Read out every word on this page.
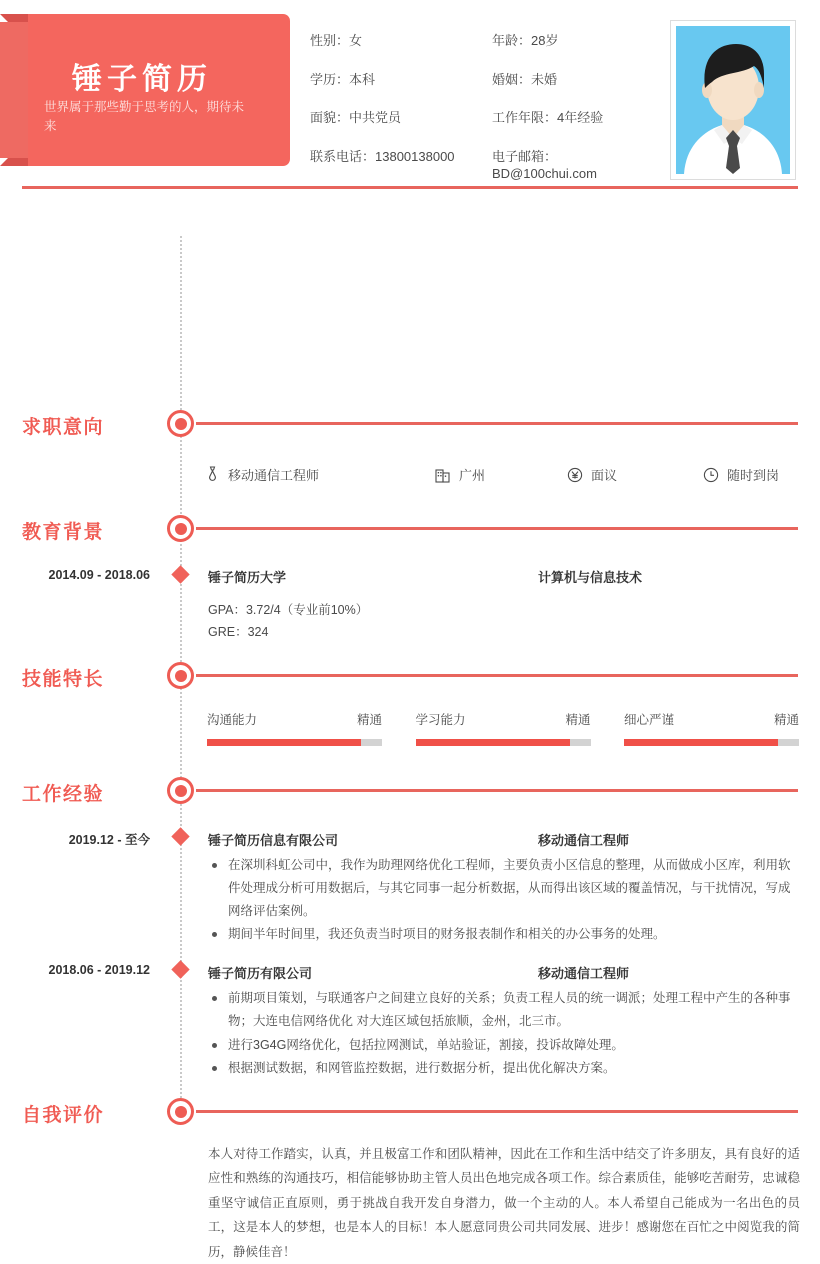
锤子简历
世界属于那些勤于思考的人，期待未来
性别：女	年龄：28岁
学历：本科	婚姻：未婚
面貌：中共党员	工作年限：4年经验
联系电话：13800138000	电子邮箱：BD@100chui.com
求职意向
移动通信工程师	广州	面议	随时到岗
教育背景
2014.09 - 2018.06	锤子简历大学	计算机与信息技术
GPA：3.72/4（专业前10%）
GRE：324
技能特长
沟通能力	精通	学习能力	精通	细心严谨	精通
工作经验
2019.12 - 至今	锤子简历信息有限公司	移动通信工程师
在深圳科虹公司中，我作为助理网络优化工程师，主要负责小区信息的整理，从而做成小区库，利用软件处理成分析可用数据后，与其它同事一起分析数据，从而得出该区域的覆盖情况，与干扰情况，写成网络评估案例。
期间半年时间里，我还负责当时项目的财务报表制作和相关的办公事务的处理。
2018.06 - 2019.12	锤子简历有限公司	移动通信工程师
前期项目策划，与联通客户之间建立良好的关系；负责工程人员的统一调派；处理工程中产生的各种事物；大连电信网络优化 对大连区域包括旅顺，金州，北三市。
进行3G4G网络优化，包括拉网测试，单站验证，割接，投诉故障处理。
根据测试数据，和网管监控数据，进行数据分析，提出优化解决方案。
自我评价
本人对待工作踏实，认真，并且极富工作和团队精神，因此在工作和生活中结交了许多朋友，具有良好的适应性和熟练的沟通技巧，相信能够协助主管人员出色地完成各项工作。综合素质佳，能够吃苦耐劳，忠诚稳重坚守诚信正直原则，勇于挑战自我开发自身潜力，做一个主动的人。本人希望自己能成为一名出色的员工，这是本人的梦想，也是本人的目标！本人愿意同贵公司共同发展、进步！感谢您在百忙之中阅览我的简历，静候佳音！
